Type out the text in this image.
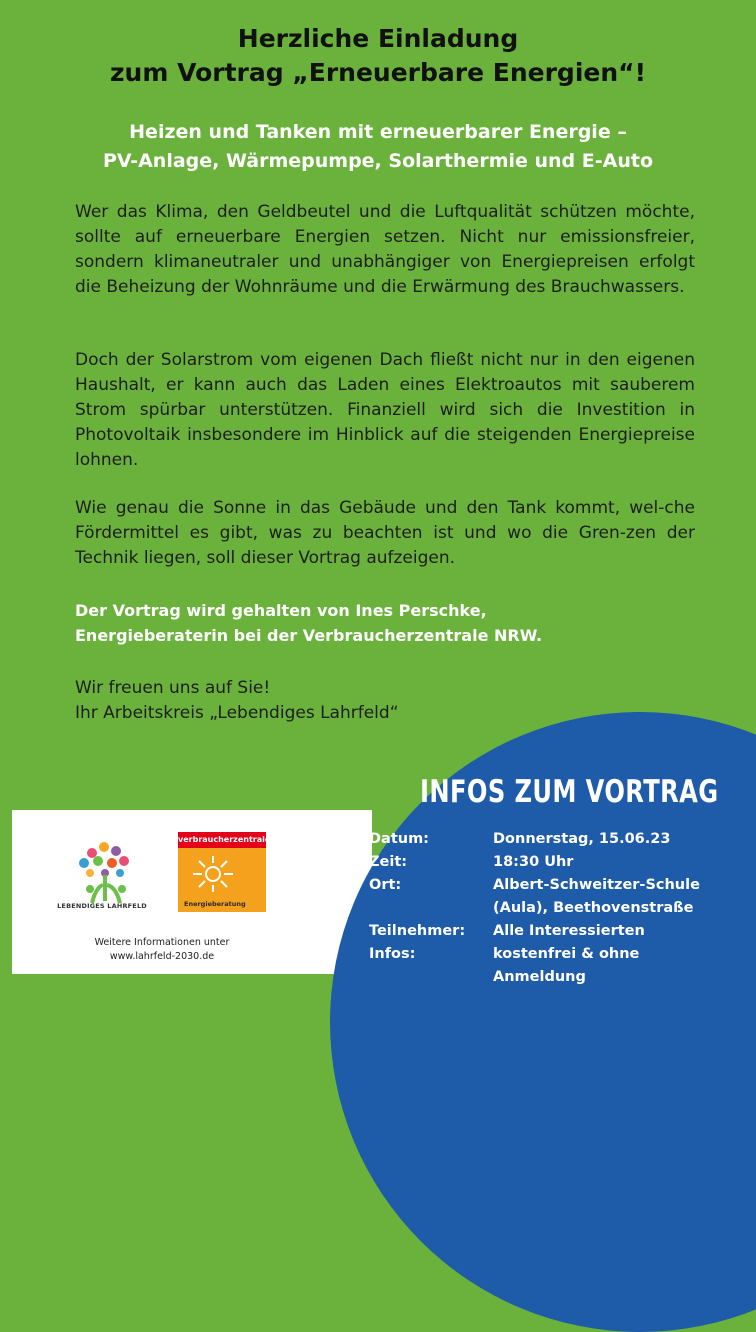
Herzliche Einladung
zum Vortrag „Erneuerbare Energien“!
Heizen und Tanken mit erneuerbarer Energie –
PV-Anlage, Wärmepumpe, Solarthermie und E-Auto

Wer das Klima, den Geldbeutel und die Luftqualität schützen möchte, sollte auf erneuerbare Energien setzen. Nicht nur emissionsfreier, sondern klimaneutraler und unabhängiger von Energiepreisen erfolgt die Beheizung der Wohnräume und die Erwärmung des Brauchwassers.

Doch der Solarstrom vom eigenen Dach fließt nicht nur in den eigenen Haushalt, er kann auch das Laden eines Elektroautos mit sauberem Strom spürbar unterstützen. Finanziell wird sich die Investition in Photovoltaik insbesondere im Hinblick auf die steigenden Energiepreise lohnen.

Wie genau die Sonne in das Gebäude und den Tank kommt, wel-che Fördermittel es gibt, was zu beachten ist und wo die Gren-zen der Technik liegen, soll dieser Vortrag aufzeigen.

Der Vortrag wird gehalten von Ines Perschke,
Energieberaterin bei der Verbraucherzentrale NRW.
Wir freuen uns auf Sie!
Ihr Arbeitskreis „Lebendiges Lahrfeld“
LEBENDIGES LAHRFELD
verbraucherzentrale
Energieberatung
Weitere Informationen unter
www.lahrfeld-2030.de
INFOS ZUM VORTRAG
Datum:	Donnerstag, 15.06.23
Zeit:	18:30 Uhr
Ort:	Albert-Schweitzer-Schule (Aula), Beethovenstraße
Teilnehmer: Alle Interessierten
Infos:	kostenfrei & ohne Anmeldung
